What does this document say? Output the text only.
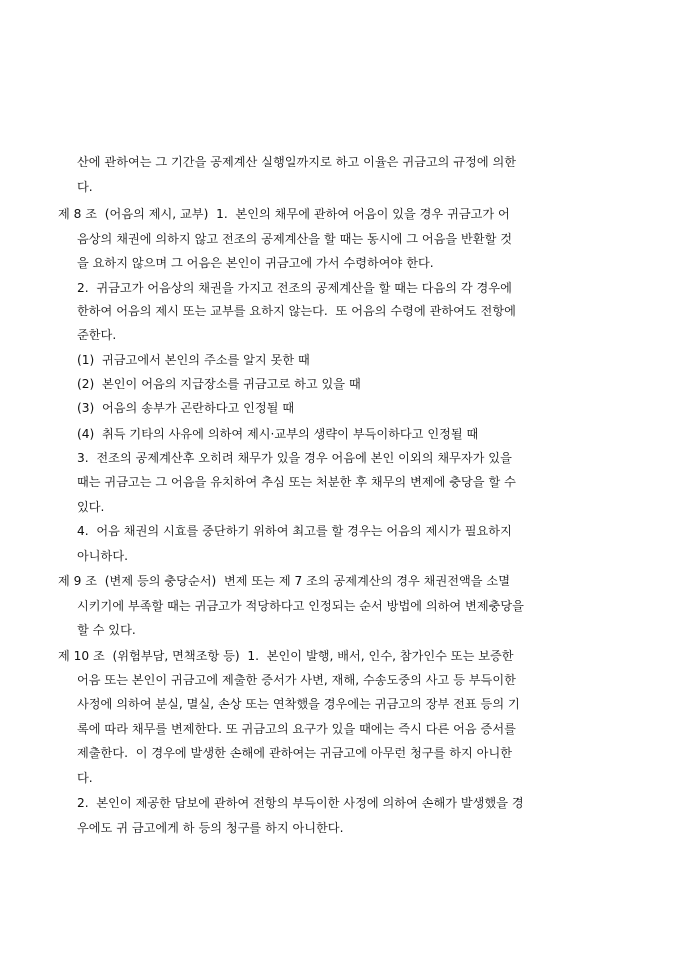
산에 관하여는 그 기간을 공제계산 실행일까지로 하고 이율은 귀금고의 규정에 의한
다.
제 8 조  (어음의 제시, 교부)  1.  본인의 채무에 관하여 어음이 있을 경우 귀금고가 어
음상의 채권에 의하지 않고 전조의 공제계산을 할 때는 동시에 그 어음을 반환할 것
을 요하지 않으며 그 어음은 본인이 귀금고에 가서 수령하여야 한다.
2.  귀금고가 어음상의 채권을 가지고 전조의 공제계산을 할 때는 다음의 각 경우에
한하여 어음의 제시 또는 교부를 요하지 않는다.  또 어음의 수령에 관하여도 전항에
준한다.
(1)  귀금고에서 본인의 주소를 알지 못한 때
(2)  본인이 어음의 지급장소를 귀금고로 하고 있을 때
(3)  어음의 송부가 곤란하다고 인정될 때
(4)  취득 기타의 사유에 의하여 제시·교부의 생략이 부득이하다고 인정될 때
3.  전조의 공제계산후 오히려 채무가 있을 경우 어음에 본인 이외의 채무자가 있을
때는 귀금고는 그 어음을 유치하여 추심 또는 처분한 후 채무의 변제에 충당을 할 수
있다.
4.  어음 채권의 시효를 중단하기 위하여 최고를 할 경우는 어음의 제시가 필요하지
아니하다.
제 9 조  (변제 등의 충당순서)  변제 또는 제 7 조의 공제계산의 경우 채권전액을 소멸
시키기에 부족할 때는 귀금고가 적당하다고 인정되는 순서 방법에 의하여 변제충당을
할 수 있다.
제 10 조  (위험부담, 면책조항 등)  1.  본인이 발행, 배서, 인수, 참가인수 또는 보증한
어음 또는 본인이 귀금고에 제출한 증서가 사변, 재해, 수송도중의 사고 등 부득이한
사정에 의하여 분실, 멸실, 손상 또는 연착했을 경우에는 귀금고의 장부 전표 등의 기
록에 따라 채무를 변제한다. 또 귀금고의 요구가 있을 때에는 즉시 다른 어음 증서를
제출한다.  이 경우에 발생한 손해에 관하여는 귀금고에 아무런 청구를 하지 아니한
다.
2.  본인이 제공한 담보에 관하여 전항의 부득이한 사정에 의하여 손해가 발생했을 경
우에도 귀 금고에게 하 등의 청구를 하지 아니한다.
